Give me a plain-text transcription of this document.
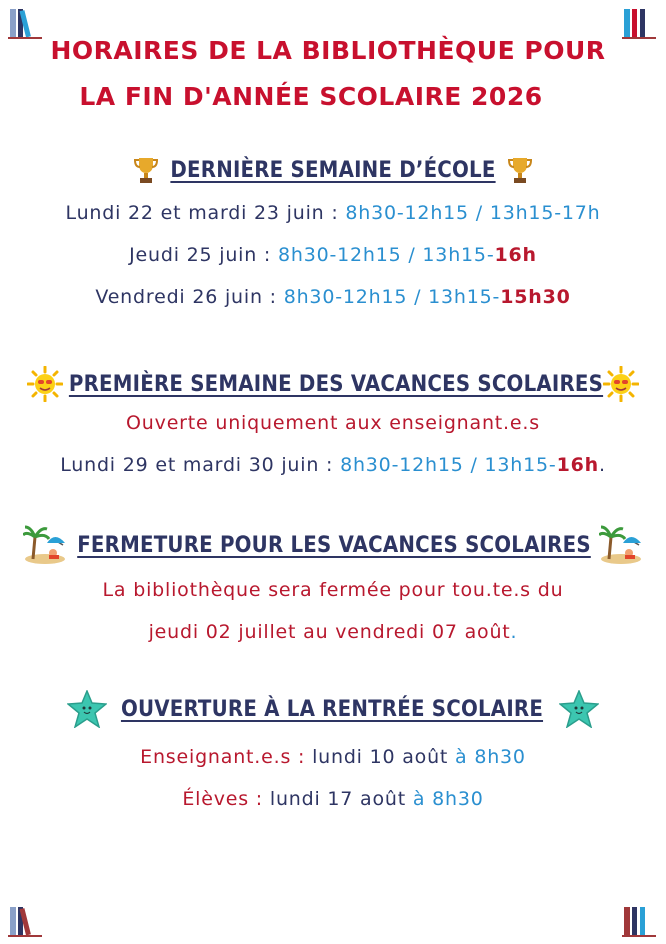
HORAIRES DE LA BIBLIOTHÈQUE POUR
LA FIN D'ANNÉE SCOLAIRE 2026
DERNIÈRE SEMAINE D’ÉCOLE
Lundi 22 et mardi 23 juin : 8h30-12h15 / 13h15-17h
Jeudi 25 juin : 8h30-12h15 / 13h15-16h
Vendredi 26 juin : 8h30-12h15 / 13h15-15h30
PREMIÈRE SEMAINE DES VACANCES SCOLAIRES
Ouverte uniquement aux enseignant.e.s
Lundi 29 et mardi 30 juin : 8h30-12h15 / 13h15-16h.
FERMETURE POUR LES VACANCES SCOLAIRES
La bibliothèque sera fermée pour tou.te.s du
jeudi 02 juillet au vendredi 07 août.
OUVERTURE À LA RENTRÉE SCOLAIRE
Enseignant.e.s : lundi 10 août à 8h30
Élèves : lundi 17 août à 8h30
